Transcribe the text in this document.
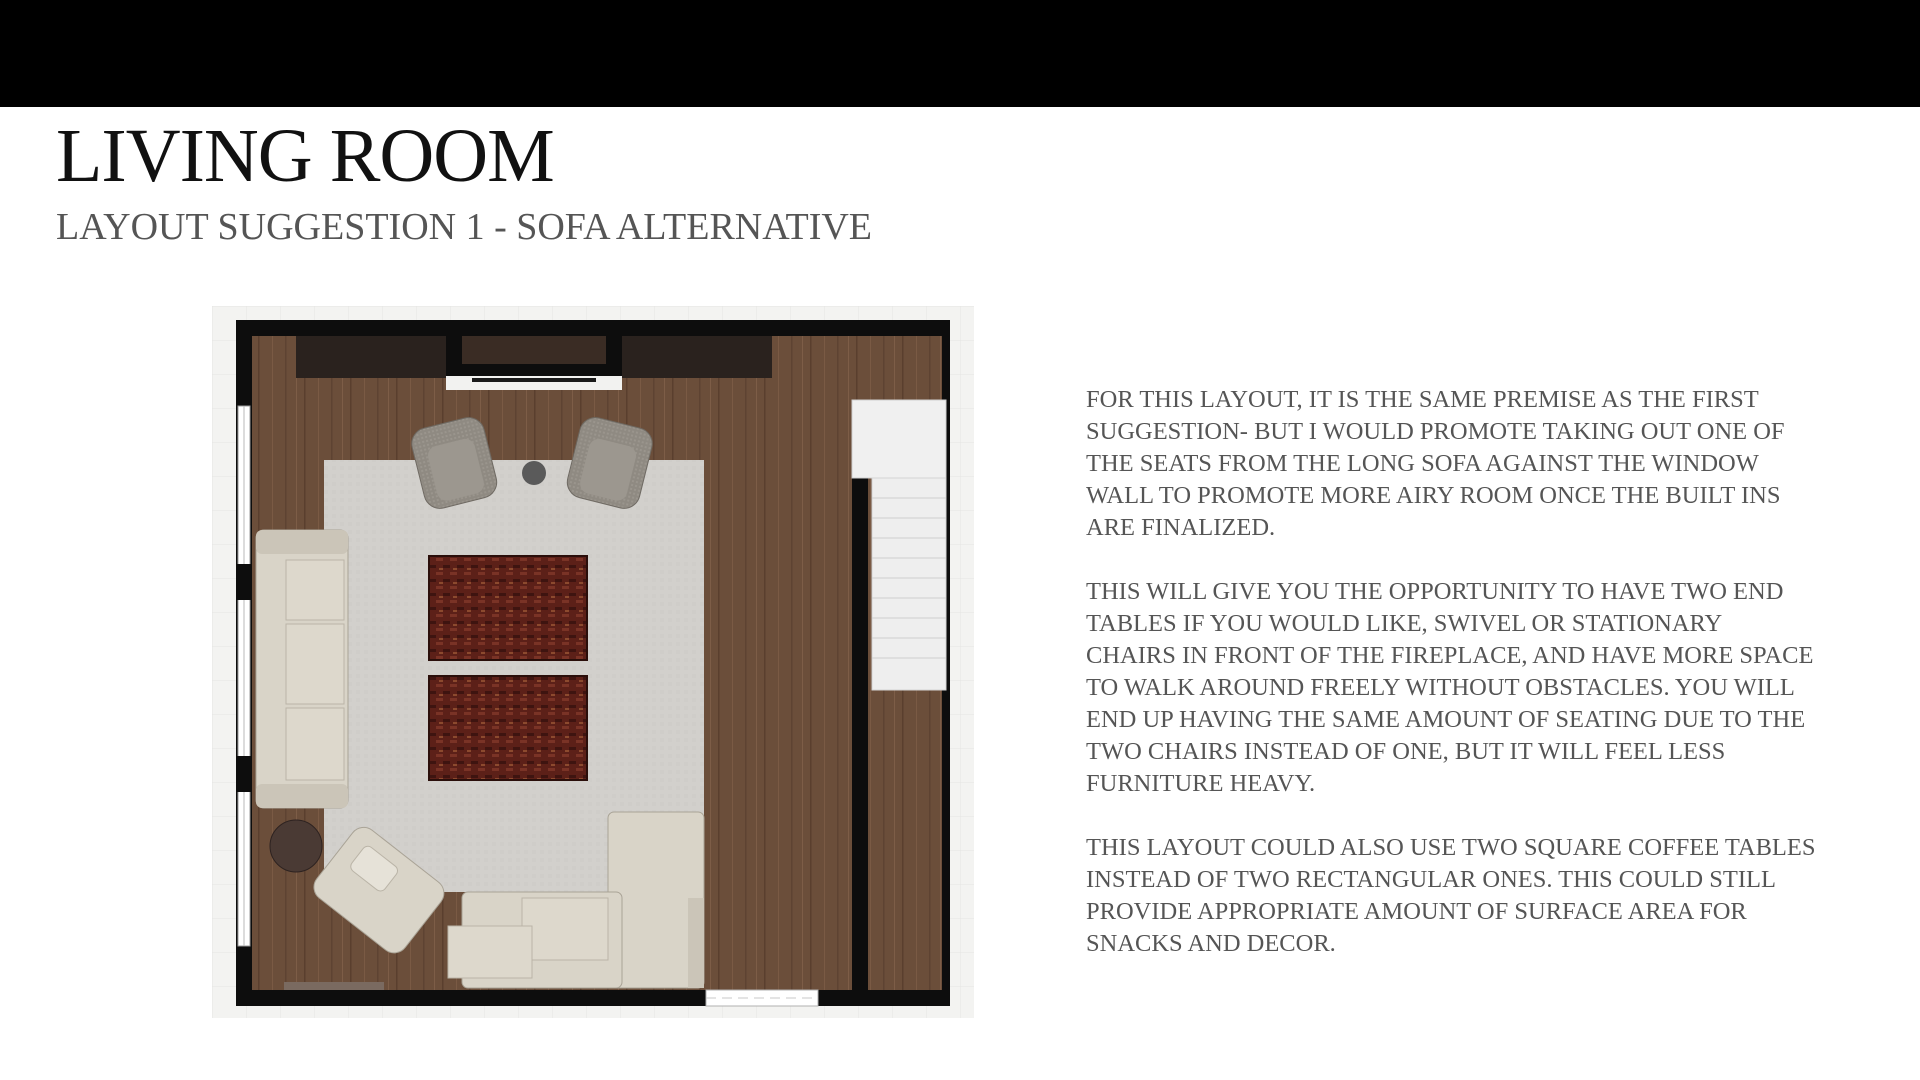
LIVING ROOM
LAYOUT SUGGESTION 1 - SOFA ALTERNATIVE

FOR THIS LAYOUT, IT IS THE SAME PREMISE AS THE FIRST SUGGESTION- BUT I WOULD PROMOTE TAKING OUT ONE OF THE SEATS FROM THE LONG SOFA AGAINST THE WINDOW WALL TO PROMOTE MORE AIRY ROOM ONCE THE BUILT INS ARE FINALIZED.

THIS WILL GIVE YOU THE OPPORTUNITY TO HAVE TWO END TABLES IF YOU WOULD LIKE, SWIVEL OR STATIONARY CHAIRS IN FRONT OF THE FIREPLACE, AND HAVE MORE SPACE TO WALK AROUND FREELY WITHOUT OBSTACLES. YOU WILL END UP HAVING THE SAME AMOUNT OF SEATING DUE TO THE TWO CHAIRS INSTEAD OF ONE, BUT IT WILL FEEL LESS FURNITURE HEAVY.

THIS LAYOUT COULD ALSO USE TWO SQUARE COFFEE TABLES INSTEAD OF TWO RECTANGULAR ONES. THIS COULD STILL PROVIDE APPROPRIATE AMOUNT OF SURFACE AREA FOR SNACKS AND DECOR.
